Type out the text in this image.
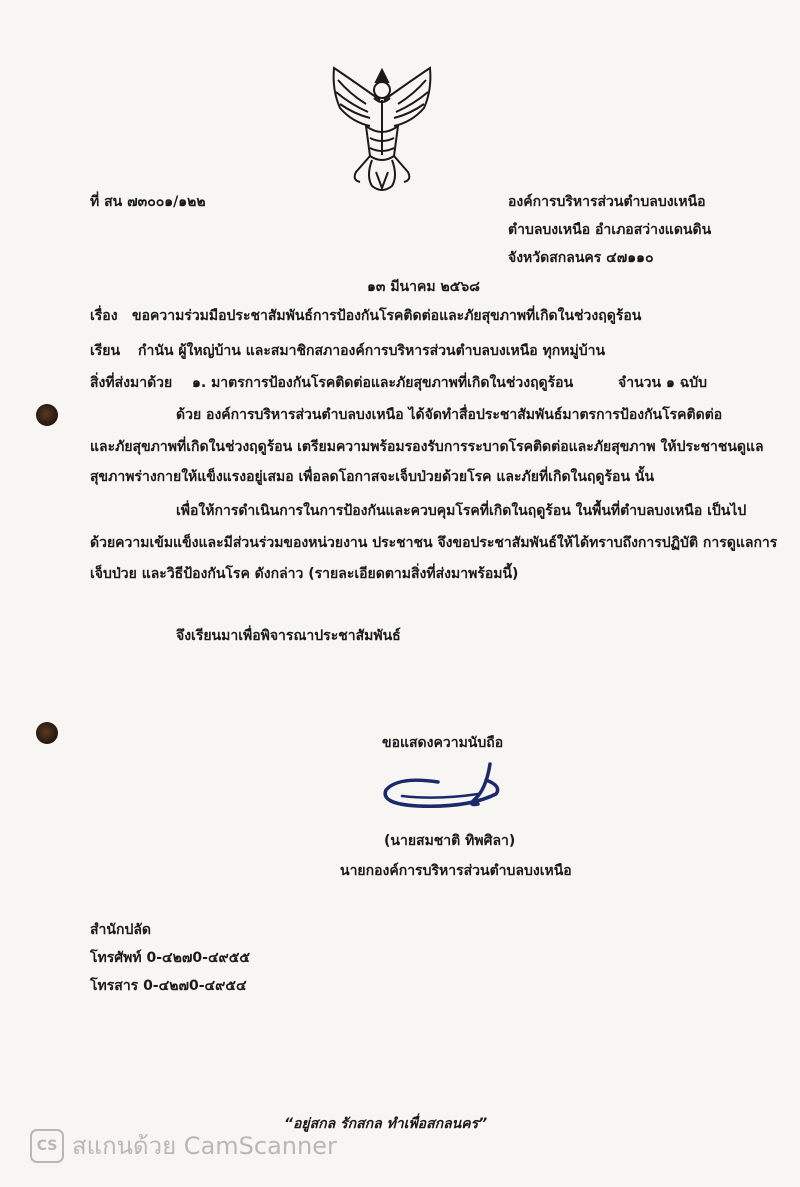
ที่ สน ๗๓๐๐๑/๑๒๒	องค์การบริหารส่วนตำบลบงเหนือ
ตำบลบงเหนือ อำเภอสว่างแดนดิน
จังหวัดสกลนคร ๔๗๑๑๐
๑๓ มีนาคม ๒๕๖๘
เรื่อง ขอความร่วมมือประชาสัมพันธ์การป้องกันโรคติดต่อและภัยสุขภาพที่เกิดในช่วงฤดูร้อน
เรียน กำนัน ผู้ใหญ่บ้าน และสมาชิกสภาองค์การบริหารส่วนตำบลบงเหนือ ทุกหมู่บ้าน
สิ่งที่ส่งมาด้วย ๑. มาตรการป้องกันโรคติดต่อและภัยสุขภาพที่เกิดในช่วงฤดูร้อน	จำนวน ๑ ฉบับ
ด้วย องค์การบริหารส่วนตำบลบงเหนือ ได้จัดทำสื่อประชาสัมพันธ์มาตรการป้องกันโรคติดต่อ
และภัยสุขภาพที่เกิดในช่วงฤดูร้อน เตรียมความพร้อมรองรับการระบาดโรคติดต่อและภัยสุขภาพ ให้ประชาชนดูแล
สุขภาพร่างกายให้แข็งแรงอยู่เสมอ เพื่อลดโอกาสจะเจ็บป่วยด้วยโรค และภัยที่เกิดในฤดูร้อน นั้น
เพื่อให้การดำเนินการในการป้องกันและควบคุมโรคที่เกิดในฤดูร้อน ในพื้นที่ตำบลบงเหนือ เป็นไป
ด้วยความเข้มแข็งและมีส่วนร่วมของหน่วยงาน ประชาชน จึงขอประชาสัมพันธ์ให้ได้ทราบถึงการปฏิบัติ การดูแลการ
เจ็บป่วย และวิธีป้องกันโรค ดังกล่าว (รายละเอียดตามสิ่งที่ส่งมาพร้อมนี้)
จึงเรียนมาเพื่อพิจารณาประชาสัมพันธ์
ขอแสดงความนับถือ
(นายสมชาติ ทิพศิลา)
นายกองค์การบริหารส่วนตำบลบงเหนือ
สำนักปลัด
โทรศัพท์ 0-๔๒๗0-๔๙๕๕
โทรสาร 0-๔๒๗0-๔๙๕๔
“อยู่สกล รักสกล ทำเพื่อสกลนคร”
CS สแกนด้วย CamScanner
